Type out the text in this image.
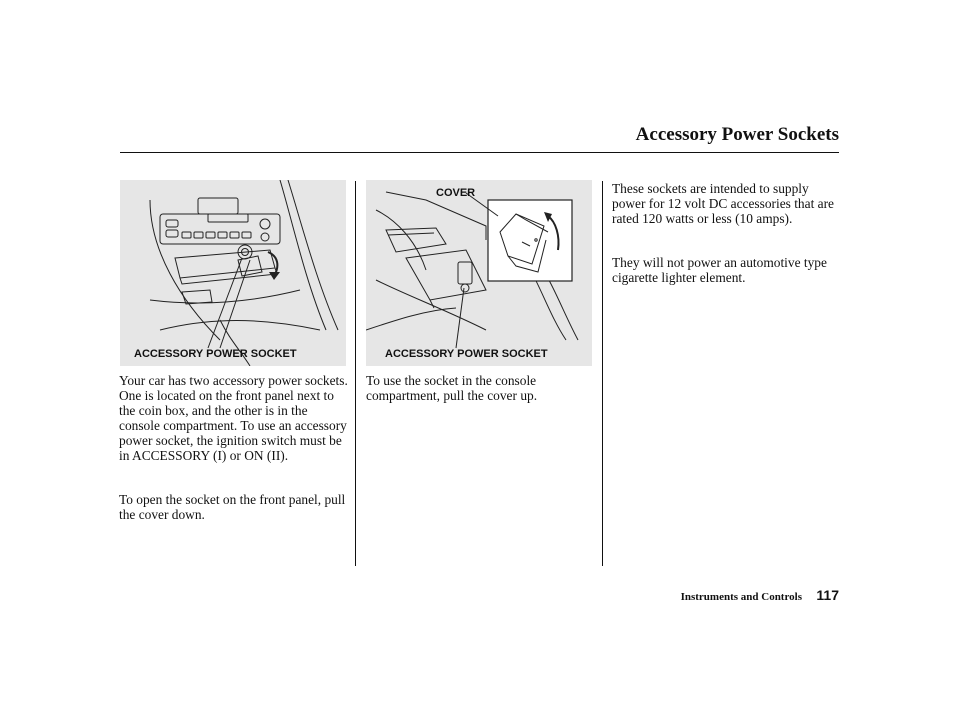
Accessory Power Sockets
ACCESSORY POWER SOCKET
COVER
ACCESSORY POWER SOCKET

Your car has two accessory power sockets. One is located on the front panel next to the coin box, and the other is in the console compartment. To use an accessory power socket, the ignition switch must be in ACCESSORY (I) or ON (II).

To open the socket on the front panel, pull the cover down.

To use the socket in the console compartment, pull the cover up.

These sockets are intended to supply power for 12 volt DC accessories that are rated 120 watts or less (10 amps).

They will not power an automotive type cigarette lighter element.

Instruments and Controls 117
